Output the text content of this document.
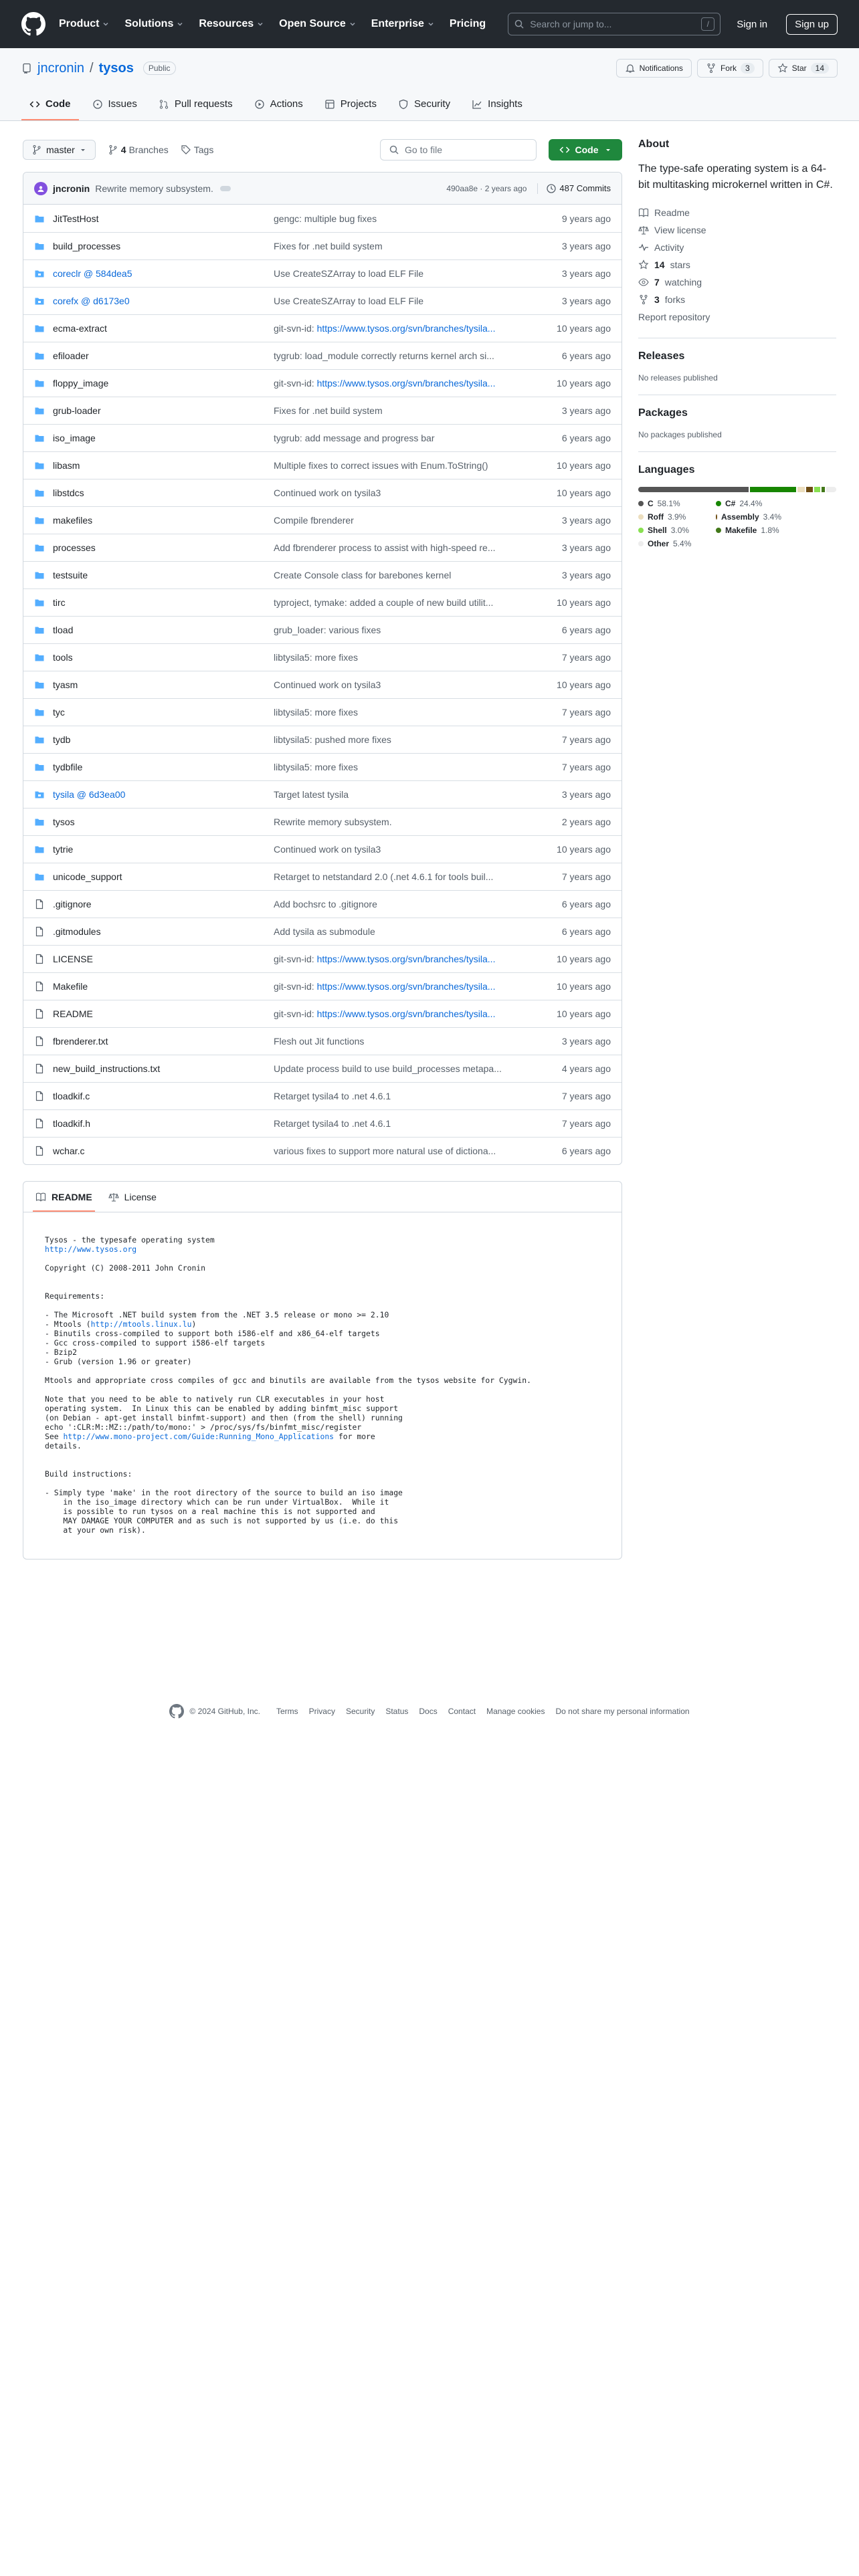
Product Solutions Resources Open Source Enterprise Pricing	Search or jump to...	/	Sign in	Sign up
jncronin / tysos	Public	Notifications	Fork	3	Star	14
Code	Issues	Pull requests	Actions	Projects	Security	Insights
master	4 Branches	Tags	Go to file	Code
jncronin Rewrite memory subsystem.	490aa8e · 2 years ago	487 Commits
JitTestHost	gengc: multiple bug fixes	9 years ago
build_processes	Fixes for .net build system	3 years ago
coreclr @ 584dea5	Use CreateSZArray to load ELF File	3 years ago
corefx @ d6173e0	Use CreateSZArray to load ELF File	3 years ago
ecma-extract	git-svn-id: https://www.tysos.org/svn/branches/tysila...	10 years ago
efiloader	tygrub: load_module correctly returns kernel arch si...	6 years ago
floppy_image	git-svn-id: https://www.tysos.org/svn/branches/tysila...	10 years ago
grub-loader	Fixes for .net build system	3 years ago
iso_image	tygrub: add message and progress bar	6 years ago
libasm	Multiple fixes to correct issues with Enum.ToString()	10 years ago
libstdcs	Continued work on tysila3	10 years ago
makefiles	Compile fbrenderer	3 years ago
processes	Add fbrenderer process to assist with high-speed re...	3 years ago
testsuite	Create Console class for barebones kernel	3 years ago
tirc	typroject, tymake: added a couple of new build utilit...	10 years ago
tload	grub_loader: various fixes	6 years ago
tools	libtysila5: more fixes	7 years ago
tyasm	Continued work on tysila3	10 years ago
tyc	libtysila5: more fixes	7 years ago
tydb	libtysila5: pushed more fixes	7 years ago
tydbfile	libtysila5: more fixes	7 years ago
tysila @ 6d3ea00	Target latest tysila	3 years ago
tysos	Rewrite memory subsystem.	2 years ago
tytrie	Continued work on tysila3	10 years ago
unicode_support	Retarget to netstandard 2.0 (.net 4.6.1 for tools buil...	7 years ago
.gitignore	Add bochsrc to .gitignore	6 years ago
.gitmodules	Add tysila as submodule	6 years ago
LICENSE	git-svn-id: https://www.tysos.org/svn/branches/tysila...	10 years ago
Makefile	git-svn-id: https://www.tysos.org/svn/branches/tysila...	10 years ago
README	git-svn-id: https://www.tysos.org/svn/branches/tysila...	10 years ago
fbrenderer.txt	Flesh out Jit functions	3 years ago
new_build_instructions.txt	Update process build to use build_processes metapa...	4 years ago
tloadkif.c	Retarget tysila4 to .net 4.6.1	7 years ago
tloadkif.h	Retarget tysila4 to .net 4.6.1	7 years ago
wchar.c	various fixes to support more natural use of dictiona...	6 years ago
README	License
Tysos - the typesafe operating system
http://www.tysos.org
Copyright (C) 2008-2011 John Cronin
Requirements:
- The Microsoft .NET build system from the .NET 3.5 release or mono >= 2.10
- Mtools (http://mtools.linux.lu)
- Binutils cross-compiled to support both i586-elf and x86_64-elf targets
- Gcc cross-compiled to support i586-elf targets
- Bzip2
- Grub (version 1.96 or greater)
Mtools and appropriate cross compiles of gcc and binutils are available from the tysos website for Cygwin.
Note that you need to be able to natively run CLR executables in your host
operating system.  In Linux this can be enabled by adding binfmt_misc support
(on Debian - apt-get install binfmt-support) and then (from the shell) running
echo ':CLR:M::MZ::/path/to/mono:' > /proc/sys/fs/binfmt_misc/register
See http://www.mono-project.com/Guide:Running_Mono_Applications for more
details.
Build instructions:
- Simply type 'make' in the root directory of the source to build an iso image
in the iso_image directory which can be run under VirtualBox.  While it
is possible to run tysos on a real machine this is not supported and
MAY DAMAGE YOUR COMPUTER and as such is not supported by us (i.e. do this
at your own risk).
About

The type-safe operating system is a 64-bit multitasking microkernel written in C#.

Readme
View license
Activity
14 stars
7 watching
3 forks
Report repository
Releases
No releases published
Packages
No packages published
Languages
C 58.1%	C# 24.4%
Roff 3.9%	Assembly 3.4%
Shell 3.0%	Makefile 1.8%
Other 5.4%
© 2024 GitHub, Inc. Terms Privacy Security Status Docs Contact Manage cookies Do not share my personal information
